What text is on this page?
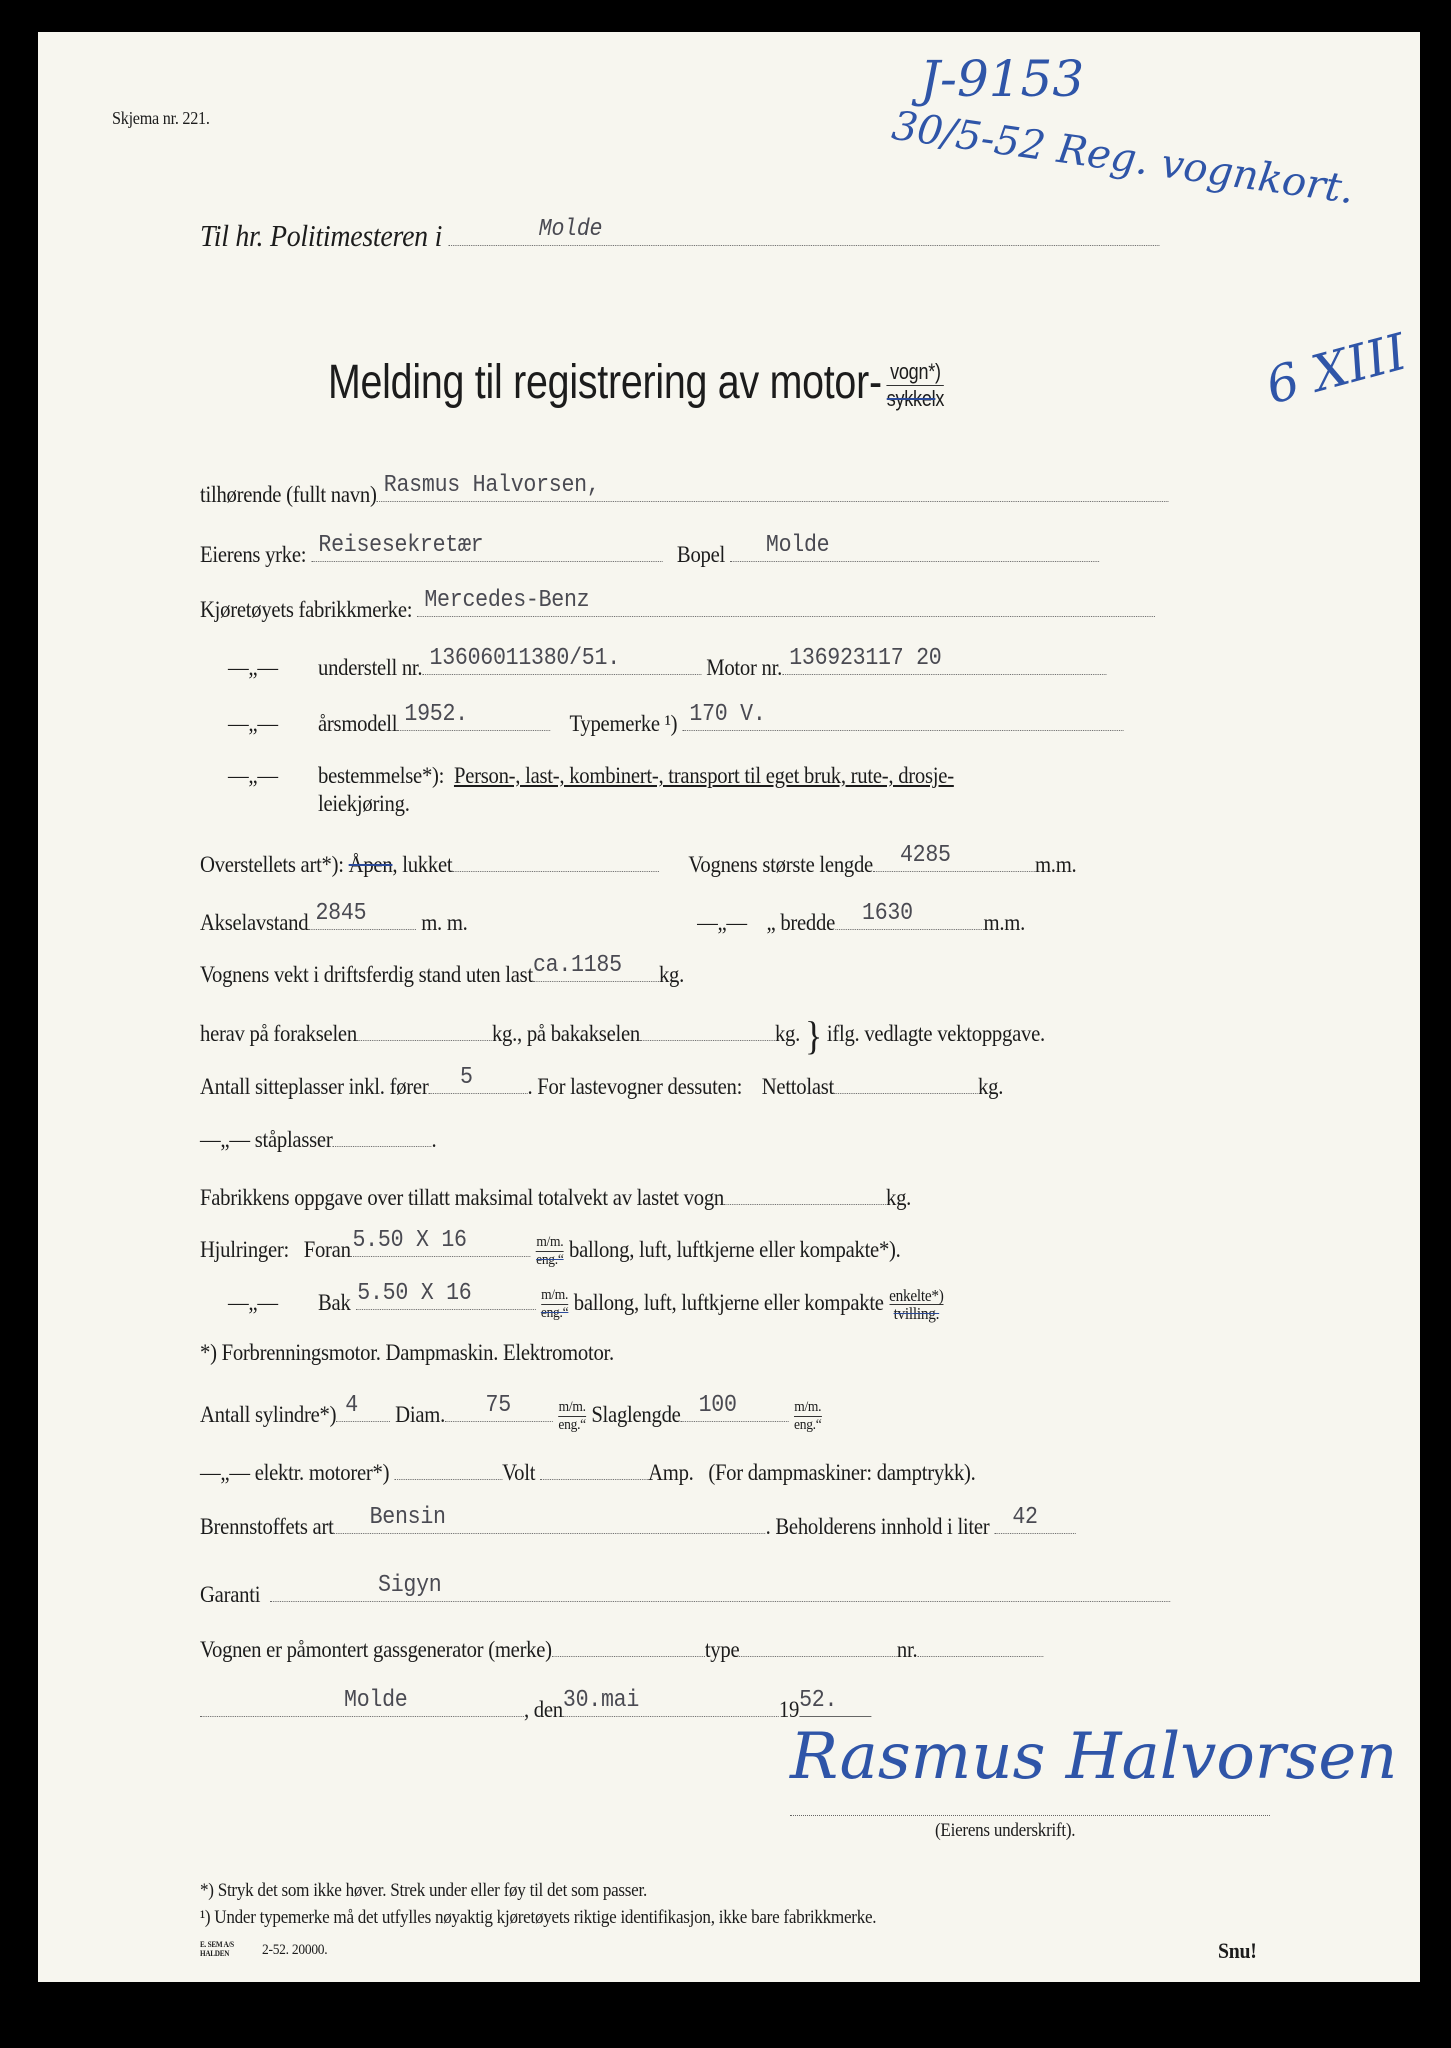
Skjema nr. 221.
J-9153
30/5-52 Reg. vognkort.
6 XIII
Til hr. Politimesteren i	Molde
Melding til registrering av motor- vogn*)
sykkelx
tilhørende (fullt navn) Rasmus Halvorsen,
Eierens yrke: Reisesekretær	Bopel Molde
Kjøretøyets fabrikkmerke: Mercedes-Benz
—„— understell nr. 13606011380/51.	Motor nr. 136923117 20
—„— årsmodell 1952.	Typemerke ¹) 170 V.
—„— bestemmelse*): Person-, last-, kombinert-, transport til eget bruk, rute-, drosje-
leiekjøring.
Overstellets art*): Åpen, lukket	Vognens største lengde 4285	m.m.
Akselavstand 2845 m. m.	—„— „ bredde 1630	m.m.
Vognens vekt i driftsferdig stand uten last ca.1185 kg.
herav på forakselen	kg., på bakakselen	kg. } iflg. vedlagte vektoppgave.
Antall sitteplasser inkl. fører 5 . For lastevogner dessuten: Nettolast	kg.
—„— ståplasser	.
Fabrikkens oppgave over tillatt maksimal totalvekt av lastet vogn	kg.
Hjulringer: Foran 5.50 X 16	$\frac{m/m.}{\text{eng.“}}$ ballong, luft, luftkjerne eller kompakte*).
—„— Bak 5.50 X 16	$\frac{m/m.}{\text{eng.“}}$ ballong, luft, luftkjerne eller kompakte $\frac{\text{enkelte*)}}{\text{tvilling.}}$
*) Forbrenningsmotor. Dampmaskin. Elektromotor.
Antall sylindre*) 4 Diam. 75	$\frac{m/m.}{\text{eng.“}}$ Slaglengde 100	$\frac{m/m.}{\text{eng.“}}$
—„— elektr. motorer*)	Volt	Amp. (For dampmaskiner: damptrykk).
Brennstoffets art Bensin	. Beholderens innhold i liter 42
Garanti	Sigyn
Vognen er påmontert gassgenerator (merke)	type	nr.
Molde	, den 30.mai	19 52.
Rasmus Halvorsen
(Eierens underskrift).
*) Stryk det som ikke høver. Strek under eller føy til det som passer.
¹) Under typemerke må det utfylles nøyaktig kjøretøyets riktige identifikasjon, ikke bare fabrikkmerke.
E. SEM A/S HALDEN	2-52. 20000.	Snu!
